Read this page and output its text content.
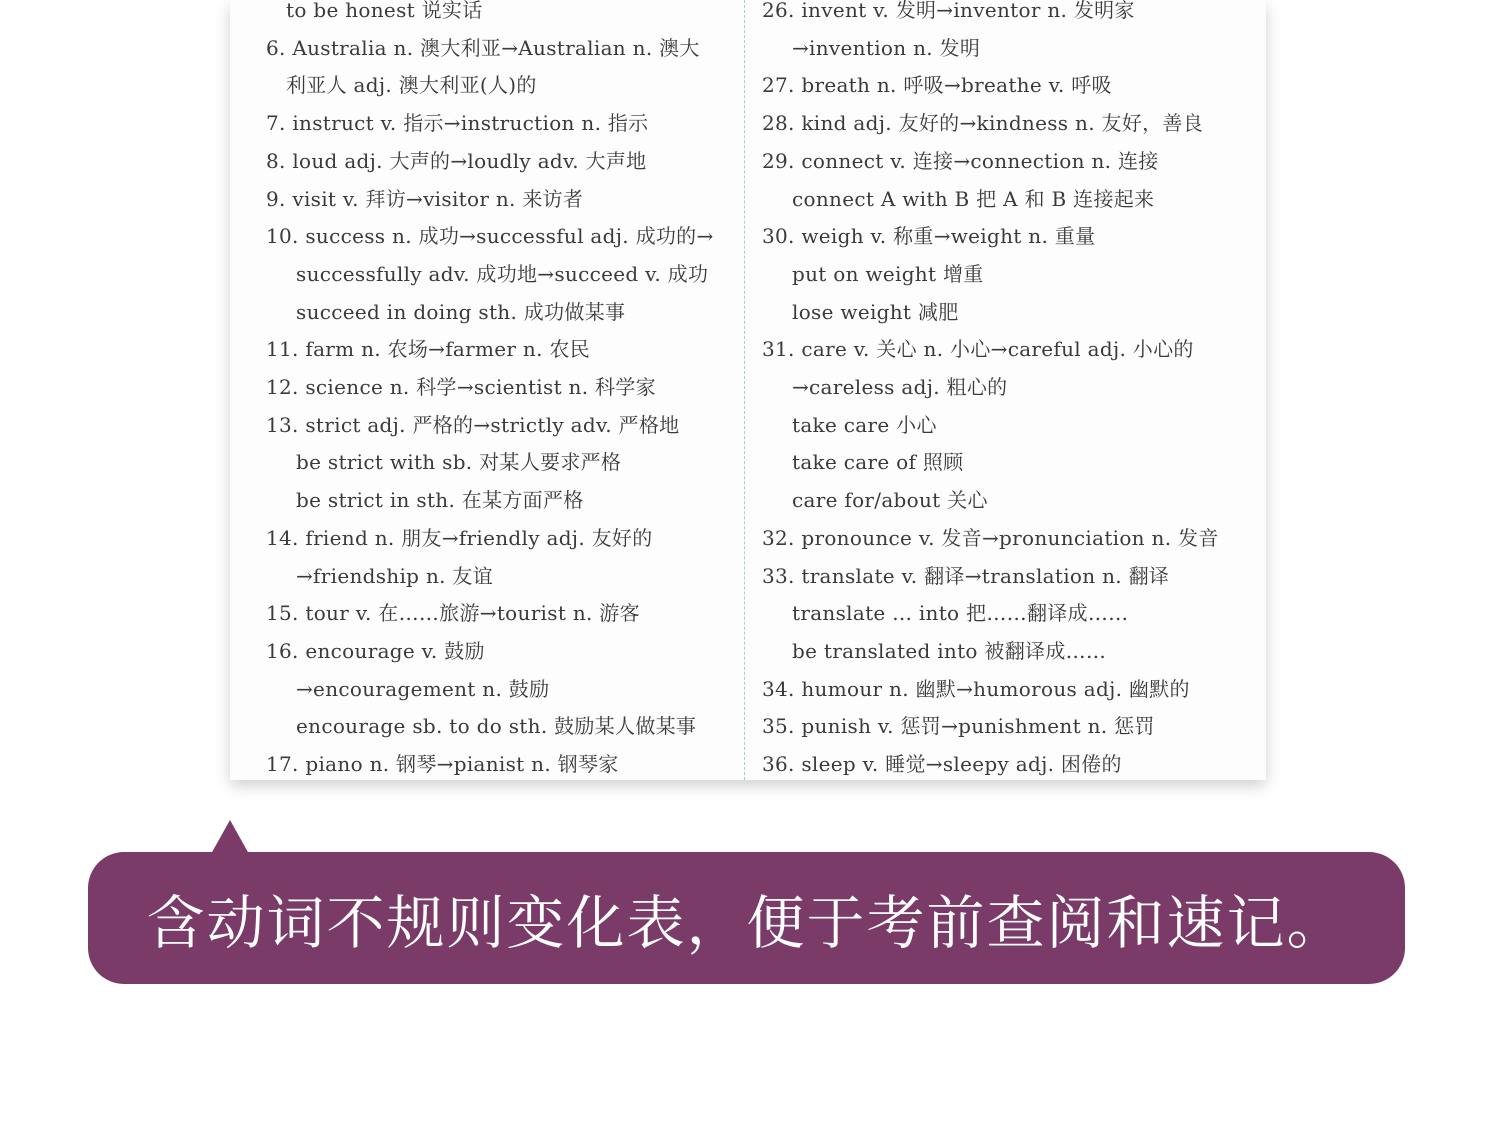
to be honest 说实话
6. Australia n. 澳大利亚→Australian n. 澳大
利亚人 adj. 澳大利亚(人)的
7. instruct v. 指示→instruction n. 指示
8. loud adj. 大声的→loudly adv. 大声地
9. visit v. 拜访→visitor n. 来访者
10. success n. 成功→successful adj. 成功的→
successfully adv. 成功地→succeed v. 成功
succeed in doing sth. 成功做某事
11. farm n. 农场→farmer n. 农民
12. science n. 科学→scientist n. 科学家
13. strict adj. 严格的→strictly adv. 严格地
be strict with sb. 对某人要求严格
be strict in sth. 在某方面严格
14. friend n. 朋友→friendly adj. 友好的
→friendship n. 友谊
15. tour v. 在……旅游→tourist n. 游客
16. encourage v. 鼓励
→encouragement n. 鼓励
encourage sb. to do sth. 鼓励某人做某事
17. piano n. 钢琴→pianist n. 钢琴家
26. invent v. 发明→inventor n. 发明家
→invention n. 发明
27. breath n. 呼吸→breathe v. 呼吸
28. kind adj. 友好的→kindness n. 友好，善良
29. connect v. 连接→connection n. 连接
connect A with B 把 A 和 B 连接起来
30. weigh v. 称重→weight n. 重量
put on weight 增重
lose weight 减肥
31. care v. 关心 n. 小心→careful adj. 小心的
→careless adj. 粗心的
take care 小心
take care of 照顾
care for/about 关心
32. pronounce v. 发音→pronunciation n. 发音
33. translate v. 翻译→translation n. 翻译
translate ... into 把……翻译成……
be translated into 被翻译成……
34. humour n. 幽默→humorous adj. 幽默的
35. punish v. 惩罚→punishment n. 惩罚
36. sleep v. 睡觉→sleepy adj. 困倦的
含动词不规则变化表，便于考前查阅和速记。
